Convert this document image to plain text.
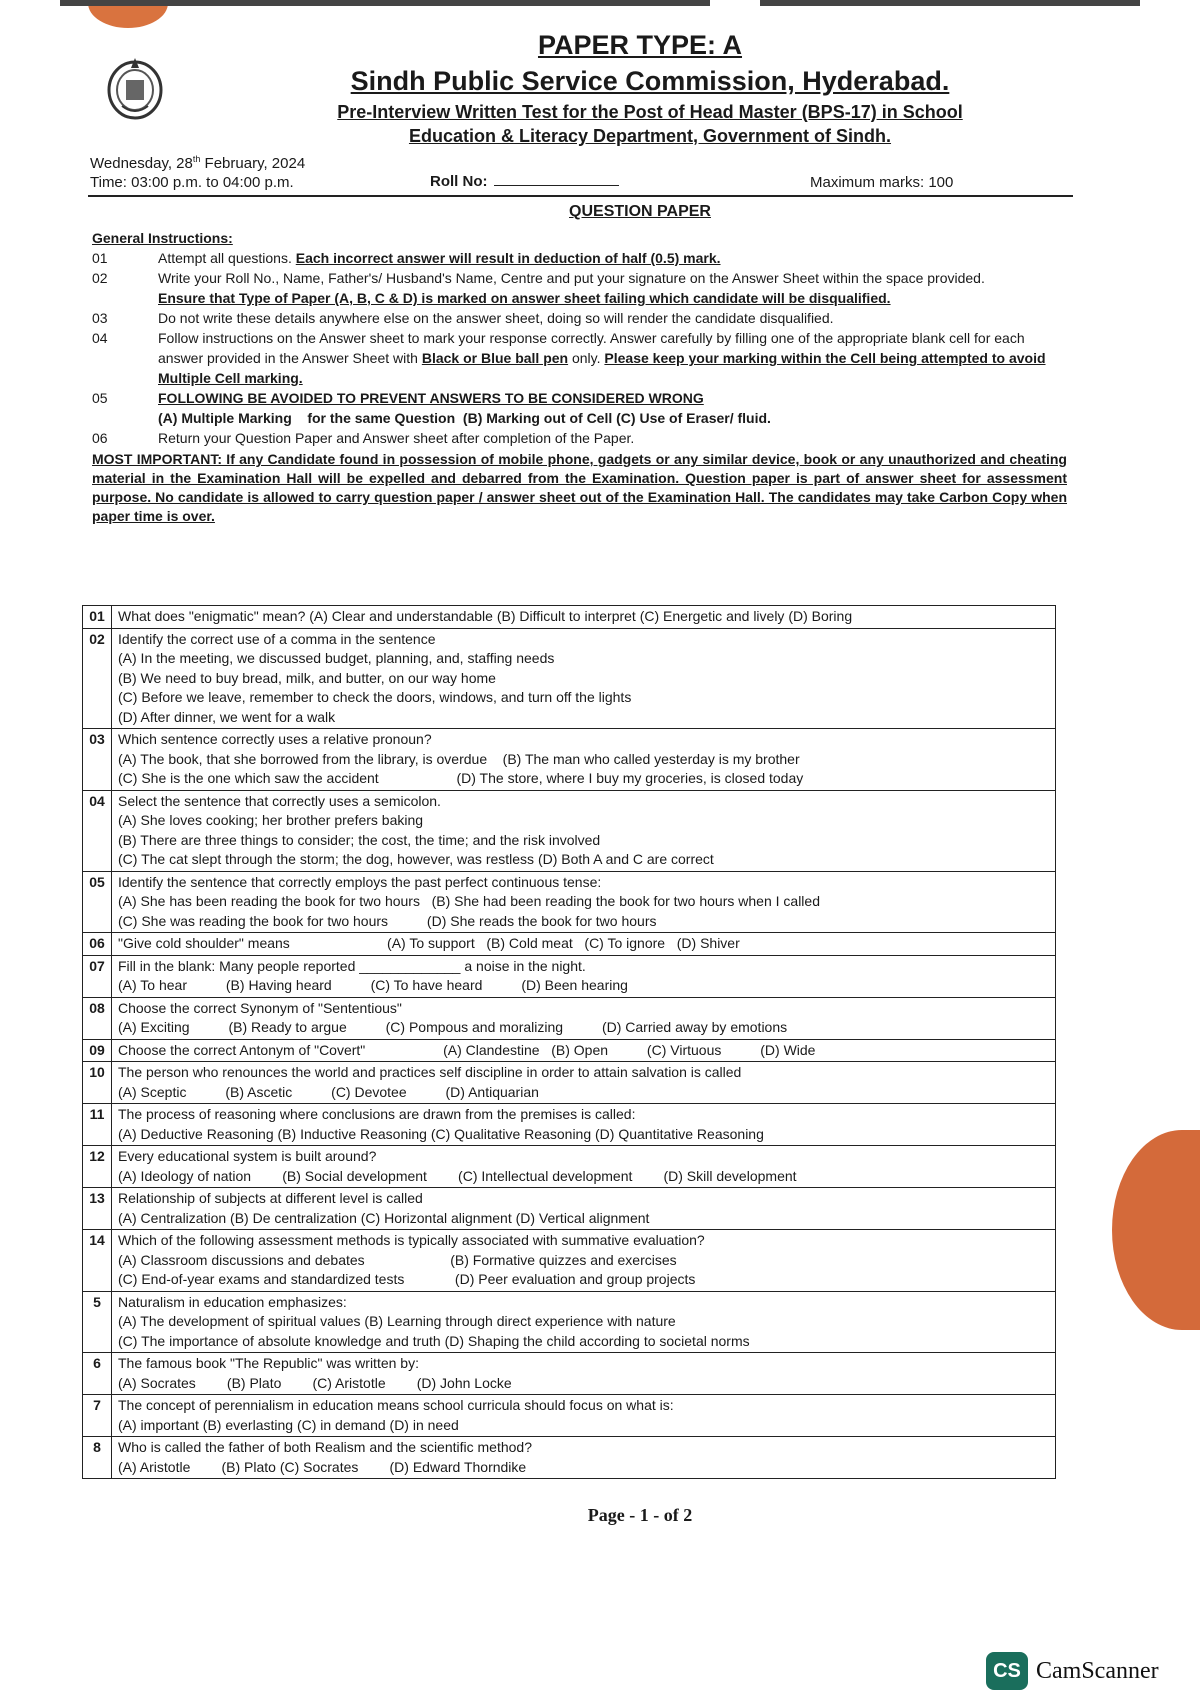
PAPER TYPE: A
Sindh Public Service Commission, Hyderabad.
Pre-Interview Written Test for the Post of Head Master (BPS-17) in School
Education & Literacy Department, Government of Sindh.
Wednesday, 28th February, 2024
Time: 03:00 p.m. to 04:00 p.m.	Roll No:	Maximum marks: 100
QUESTION PAPER
General Instructions:
01	Attempt all questions. Each incorrect answer will result in deduction of half (0.5) mark.
02	Write your Roll No., Name, Father's/ Husband's Name, Centre and put your signature on the Answer Sheet within the space provided.
Ensure that Type of Paper (A, B, C & D) is marked on answer sheet failing which candidate will be disqualified.
03	Do not write these details anywhere else on the answer sheet, doing so will render the candidate disqualified.
04	Follow instructions on the Answer sheet to mark your response correctly. Answer carefully by filling one of the appropriate blank cell for each answer provided in the Answer Sheet with Black or Blue ball pen only. Please keep your marking within the Cell being attempted to avoid Multiple Cell marking.
05	FOLLOWING BE AVOIDED TO PREVENT ANSWERS TO BE CONSIDERED WRONG
(A) Multiple Marking    for the same Question  (B) Marking out of Cell (C) Use of Eraser/ fluid.
06	Return your Question Paper and Answer sheet after completion of the Paper.
MOST IMPORTANT: If any Candidate found in possession of mobile phone, gadgets or any similar device, book or any unauthorized and cheating material in the Examination Hall will be expelled and debarred from the Examination. Question paper is part of answer sheet for assessment purpose. No candidate is allowed to carry question paper / answer sheet out of the Examination Hall. The candidates may take Carbon Copy when paper time is over.
01	What does "enigmatic" mean? (A) Clear and understandable (B) Difficult to interpret (C) Energetic and lively (D) Boring

02	Identify the correct use of a comma in the sentence
(A) In the meeting, we discussed budget, planning, and, staffing needs
(B) We need to buy bread, milk, and butter, on our way home
(C) Before we leave, remember to check the doors, windows, and turn off the lights
(D) After dinner, we went for a walk

03	Which sentence correctly uses a relative pronoun?
(A) The book, that she borrowed from the library, is overdue    (B) The man who called yesterday is my brother
(C) She is the one which saw the accident                    (D) The store, where I buy my groceries, is closed today

04	Select the sentence that correctly uses a semicolon.
(A) She loves cooking; her brother prefers baking
(B) There are three things to consider; the cost, the time; and the risk involved
(C) The cat slept through the storm; the dog, however, was restless (D) Both A and C are correct

05	Identify the sentence that correctly employs the past perfect continuous tense:
(A) She has been reading the book for two hours   (B) She had been reading the book for two hours when I called
(C) She was reading the book for two hours          (D) She reads the book for two hours

06	"Give cold shoulder" means                         (A) To support   (B) Cold meat   (C) To ignore   (D) Shiver

07	Fill in the blank: Many people reported _____________ a noise in the night.
(A) To hear          (B) Having heard          (C) To have heard          (D) Been hearing

08	Choose the correct Synonym of "Sententious"
(A) Exciting          (B) Ready to argue          (C) Pompous and moralizing          (D) Carried away by emotions

09	Choose the correct Antonym of "Covert"                    (A) Clandestine   (B) Open          (C) Virtuous          (D) Wide

10	The person who renounces the world and practices self discipline in order to attain salvation is called
(A) Sceptic          (B) Ascetic          (C) Devotee          (D) Antiquarian

11	The process of reasoning where conclusions are drawn from the premises is called:
(A) Deductive Reasoning (B) Inductive Reasoning (C) Qualitative Reasoning (D) Quantitative Reasoning

12	Every educational system is built around?
(A) Ideology of nation        (B) Social development        (C) Intellectual development        (D) Skill development

13	Relationship of subjects at different level is called
(A) Centralization (B) De centralization (C) Horizontal alignment (D) Vertical alignment

14	Which of the following assessment methods is typically associated with summative evaluation?
(A) Classroom discussions and debates                      (B) Formative quizzes and exercises
(C) End-of-year exams and standardized tests             (D) Peer evaluation and group projects

5	Naturalism in education emphasizes:
(A) The development of spiritual values (B) Learning through direct experience with nature
(C) The importance of absolute knowledge and truth (D) Shaping the child according to societal norms

6	The famous book "The Republic" was written by:
(A) Socrates        (B) Plato        (C) Aristotle        (D) John Locke

7	The concept of perennialism in education means school curricula should focus on what is:
(A) important (B) everlasting (C) in demand (D) in need

8	Who is called the father of both Realism and the scientific method?
(A) Aristotle        (B) Plato (C) Socrates        (D) Edward Thorndike
Page - 1 - of 2
CS CamScanner
